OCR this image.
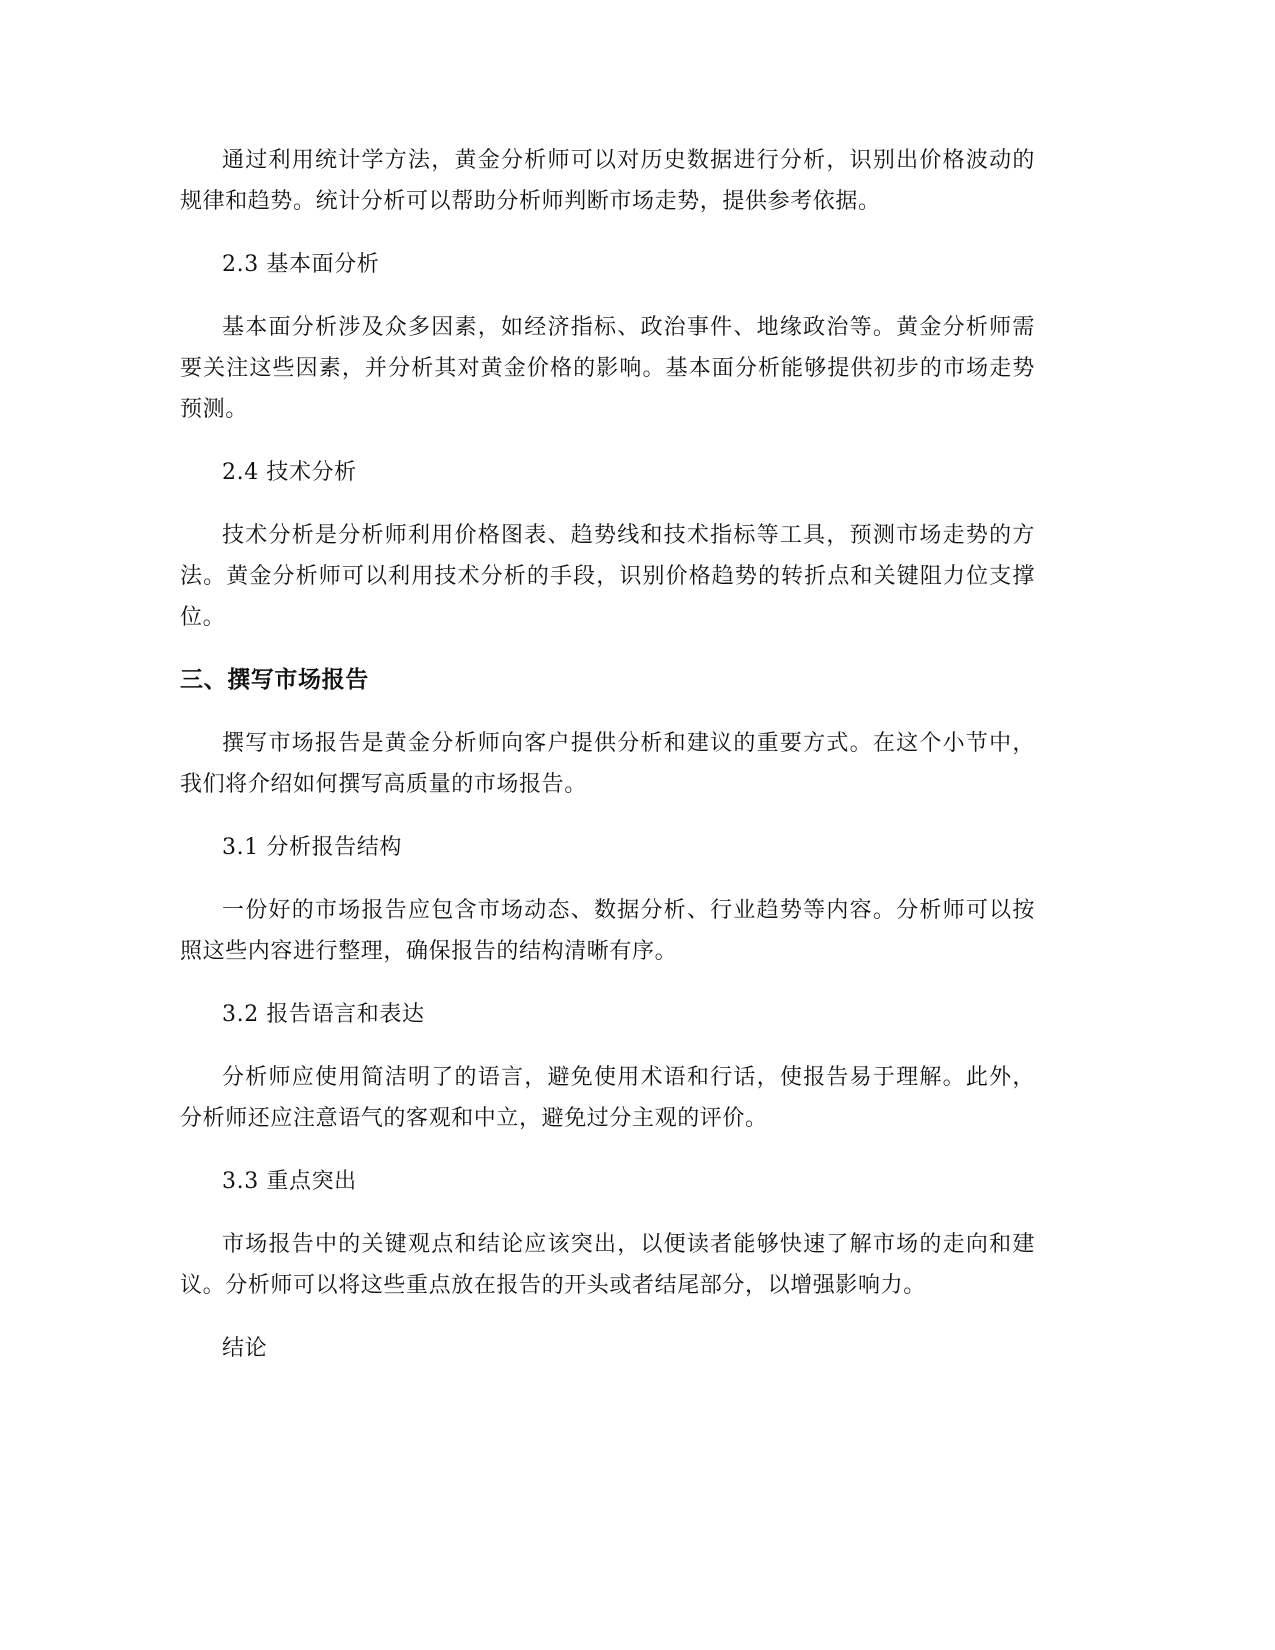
通过利用统计学方法，黄金分析师可以对历史数据进行分析，识别出价格波动的规律和趋势。统计分析可以帮助分析师判断市场走势，提供参考依据。

2.3 基本面分析

基本面分析涉及众多因素，如经济指标、政治事件、地缘政治等。黄金分析师需要关注这些因素，并分析其对黄金价格的影响。基本面分析能够提供初步的市场走势预测。

2.4 技术分析

技术分析是分析师利用价格图表、趋势线和技术指标等工具，预测市场走势的方法。黄金分析师可以利用技术分析的手段，识别价格趋势的转折点和关键阻力位支撑位。

三、撰写市场报告

撰写市场报告是黄金分析师向客户提供分析和建议的重要方式。在这个小节中，我们将介绍如何撰写高质量的市场报告。

3.1 分析报告结构

一份好的市场报告应包含市场动态、数据分析、行业趋势等内容。分析师可以按照这些内容进行整理，确保报告的结构清晰有序。

3.2 报告语言和表达

分析师应使用简洁明了的语言，避免使用术语和行话，使报告易于理解。此外，分析师还应注意语气的客观和中立，避免过分主观的评价。

3.3 重点突出

市场报告中的关键观点和结论应该突出，以便读者能够快速了解市场的走向和建议。分析师可以将这些重点放在报告的开头或者结尾部分，以增强影响力。

结论
